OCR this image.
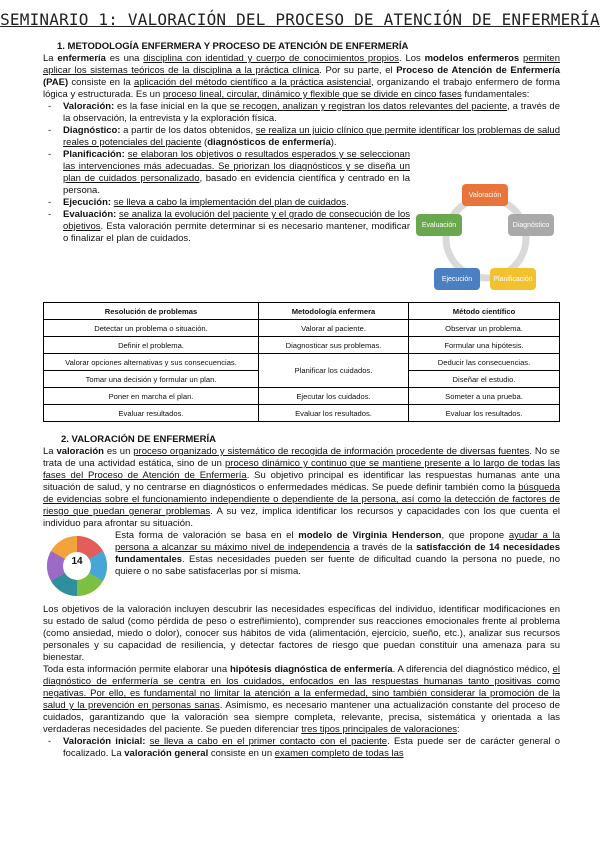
SEMINARIO 1: VALORACIÓN DEL PROCESO DE ATENCIÓN DE ENFERMERÍA
1. METODOLOGÍA ENFERMERA Y PROCESO DE ATENCIÓN DE ENFERMERÍA
La enfermería es una disciplina con identidad y cuerpo de conocimientos propios. Los modelos enfermeros permiten aplicar los sistemas teóricos de la disciplina a la práctica clínica. Por su parte, el Proceso de Atención de Enfermería (PAE) consiste en la aplicación del método científico a la práctica asistencial, organizando el trabajo enfermero de forma lógica y estructurada. Es un proceso lineal, circular, dinámico y flexible que se divide en cinco fases fundamentales:
- Valoración: es la fase inicial en la que se recogen, analizan y registran los datos relevantes del paciente, a través de la observación, la entrevista y la exploración física.
- Diagnóstico: a partir de los datos obtenidos, se realiza un juicio clínico que permite identificar los problemas de salud reales o potenciales del paciente (diagnósticos de enfermería).
- Planificación: se elaboran los objetivos o resultados esperados y se seleccionan las intervenciones más adecuadas. Se priorizan los diagnósticos y se diseña un plan de cuidados personalizado, basado en evidencia científica y centrado en la persona.
- Ejecución: se lleva a cabo la implementación del plan de cuidados.
- Evaluación: se analiza la evolución del paciente y el grado de consecución de los objetivos. Esta valoración permite determinar si es necesario mantener, modificar o finalizar el plan de cuidados.
Valoración
Diagnóstico
Planificación
Ejecución
Evaluación
Resolución de problemas	Metodología enfermera	Método científico
Detectar un problema o situación.	Valorar al paciente.	Observar un problema.
Definir el problema.	Diagnosticar sus problemas.	Formular una hipótesis.
Valorar opciones alternativas y sus consecuencias.	Planificar los cuidados.	Deducir las consecuencias.
Tomar una decisión y formular un plan.		Diseñar el estudio.
Poner en marcha el plan.	Ejecutar los cuidados.	Someter a una prueba.
Evaluar resultados.	Evaluar los resultados.	Evaluar los resultados.
2. VALORACIÓN DE ENFERMERÍA
La valoración es un proceso organizado y sistemático de recogida de información procedente de diversas fuentes. No se trata de una actividad estática, sino de un proceso dinámico y continuo que se mantiene presente a lo largo de todas las fases del Proceso de Atención de Enfermería. Su objetivo principal es identificar las respuestas humanas ante una situación de salud, y no centrarse en diagnósticos o enfermedades médicas. Se puede definir también como la búsqueda de evidencias sobre el funcionamiento independiente o dependiente de la persona, así como la detección de factores de riesgo que puedan generar problemas. A su vez, implica identificar los recursos y capacidades con los que cuenta el individuo para afrontar su situación.
14
Esta forma de valoración se basa en el modelo de Virginia Henderson, que propone ayudar a la persona a alcanzar su máximo nivel de independencia a través de la satisfacción de 14 necesidades fundamentales. Estas necesidades pueden ser fuente de dificultad cuando la persona no puede, no quiere o no sabe satisfacerlas por sí misma.
Los objetivos de la valoración incluyen descubrir las necesidades específicas del individuo, identificar modificaciones en su estado de salud (como pérdida de peso o estreñimiento), comprender sus reacciones emocionales frente al problema (como ansiedad, miedo o dolor), conocer sus hábitos de vida (alimentación, ejercicio, sueño, etc.), analizar sus recursos personales y su capacidad de resiliencia, y detectar factores de riesgo que puedan constituir una amenaza para su bienestar.
Toda esta información permite elaborar una hipótesis diagnóstica de enfermería. A diferencia del diagnóstico médico, el diagnóstico de enfermería se centra en los cuidados, enfocados en las respuestas humanas tanto positivas como negativas. Por ello, es fundamental no limitar la atención a la enfermedad, sino también considerar la promoción de la salud y la prevención en personas sanas. Asimismo, es necesario mantener una actualización constante del proceso de cuidados, garantizando que la valoración sea siempre completa, relevante, precisa, sistemática y orientada a las verdaderas necesidades del paciente. Se pueden diferenciar tres tipos principales de valoraciones:
- Valoración inicial: se lleva a cabo en el primer contacto con el paciente. Esta puede ser de carácter general o focalizado. La valoración general consiste en un examen completo de todas las
